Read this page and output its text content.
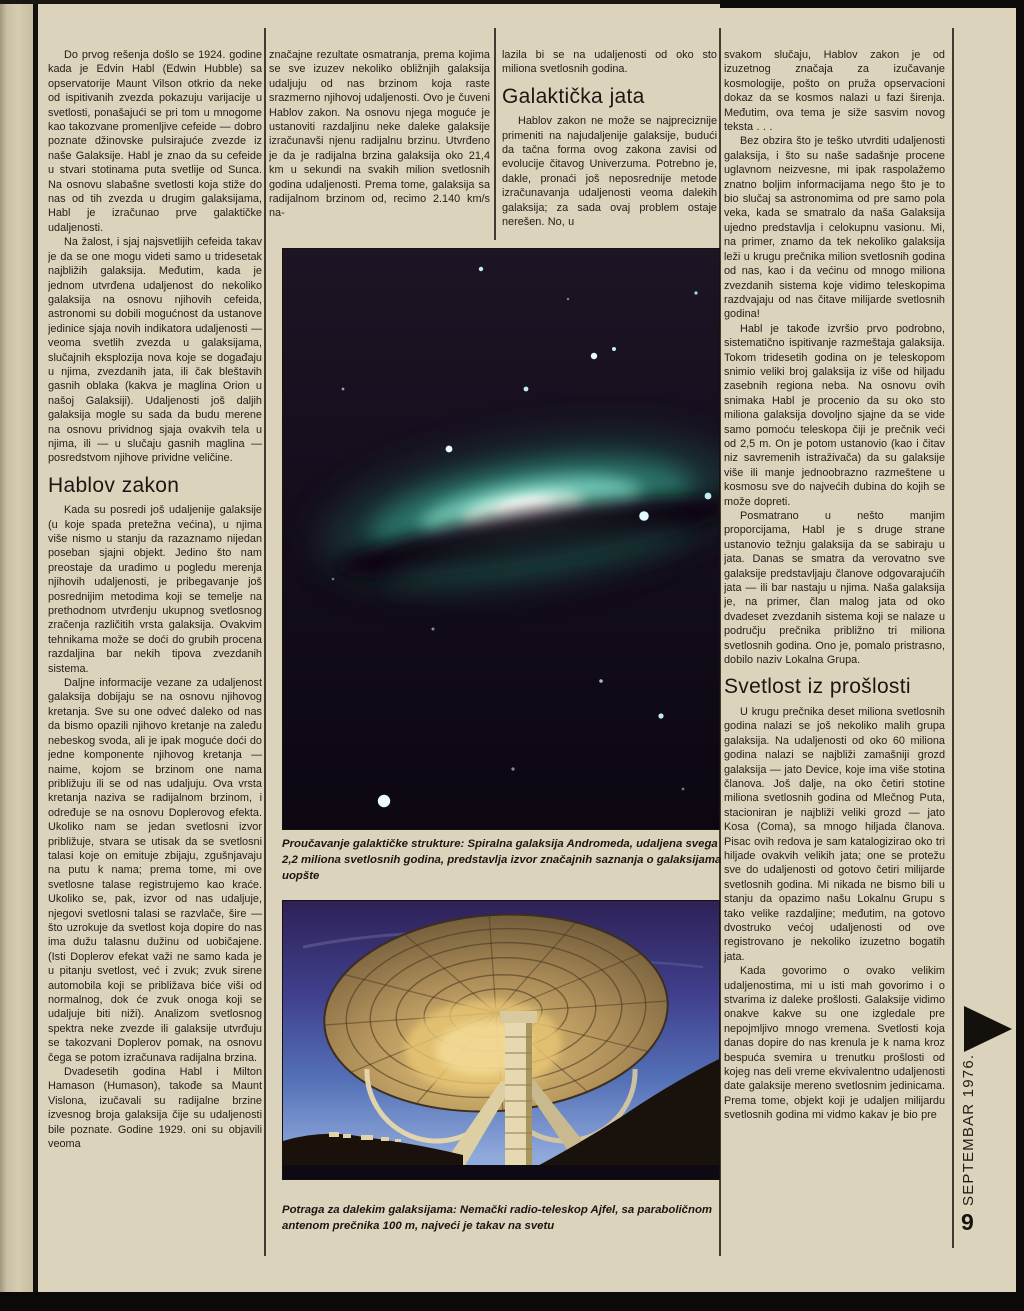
Do prvog rešenja došlo se 1924. godine kada je Edvin Habl (Edwin Hubble) sa opservatorije Maunt Vilson otkrio da neke od ispitivanih zvezda pokazuju varijacije u svetlosti, ponašajući se pri tom u mnogome kao takozvane promenljive cefeide — dobro poznate džinovske pulsirajuće zvezde iz naše Galaksije. Habl je znao da su cefeide u stvari stotinama puta svetlije od Sunca. Na osnovu slabašne svetlosti koja stiže do nas od tih zvezda u drugim galaksijama, Habl je izračunao prve galaktičke udaljenosti.

Na žalost, i sjaj najsvetlijih cefeida takav je da se one mogu videti samo u tridesetak najbližih galaksija. Međutim, kada je jednom utvrđena udaljenost do nekoliko galaksija na osnovu njihovih cefeida, astronomi su dobili mogućnost da ustanove jedinice sjaja novih indikatora udaljenosti — veoma svetlih zvezda u galaksijama, slučajnih eksplozija nova koje se događaju u njima, zvezdanih jata, ili čak bleštavih gasnih oblaka (kakva je maglina Orion u našoj Galaksiji). Udaljenosti još daljih galaksija mogle su sada da budu merene na osnovu prividnog sjaja ovakvih tela u njima, ili — u slučaju gasnih maglina — posredstvom njihove prividne veličine.

Hablov zakon

Kada su posredi još udaljenije galaksije (u koje spada pretežna većina), u njima više nismo u stanju da razaznamo nijedan poseban sjajni objekt. Jedino što nam preostaje da uradimo u pogledu merenja njihovih udaljenosti, je pribegavanje još posrednijim metodima koji se temelje na prethodnom utvrđenju ukupnog svetlosnog zračenja različitih vrsta galaksija. Ovakvim tehnikama može se doći do grubih procena razdaljina bar nekih tipova zvezdanih sistema.

Daljne informacije vezane za udaljenost galaksija dobijaju se na osnovu njihovog kretanja. Sve su one odveć daleko od nas da bismo opazili njihovo kretanje na zaleđu nebeskog svoda, ali je ipak moguće doći do jedne komponente njihovog kretanja — naime, kojom se brzinom one nama približuju ili se od nas udaljuju. Ova vrsta kretanja naziva se radijalnom brzinom, i određuje se na osnovu Doplerovog efekta. Ukoliko nam se jedan svetlosni izvor približuje, stvara se utisak da se svetlosni talasi koje on emituje zbijaju, zgušnjavaju na putu k nama; prema tome, mi ove svetlosne talase registrujemo kao kraće. Ukoliko se, pak, izvor od nas udaljuje, njegovi svetlosni talasi se razvlače, šire — što uzrokuje da svetlost koja dopire do nas ima dužu talasnu dužinu od uobičajene. (Isti Doplerov efekat važi ne samo kada je u pitanju svetlost, već i zvuk; zvuk sirene automobila koji se približava biće viši od normalnog, dok će zvuk onoga koji se udaljuje biti niži). Analizom svetlosnog spektra neke zvezde ili galaksije utvrđuju se takozvani Doplerov pomak, na osnovu čega se potom izračunava radijalna brzina.

Dvadesetih godina Habl i Milton Hamason (Humason), takođe sa Maunt Vislona, izučavali su radijalne brzine izvesnog broja galaksija čije su udaljenosti bile poznate. Godine 1929. oni su objavili veoma

značajne rezultate osmatranja, prema kojima se sve izuzev nekoliko obližnjih galaksija udaljuju od nas brzinom koja raste srazmerno njihovoj udaljenosti. Ovo je čuveni Hablov zakon. Na osnovu njega moguće je ustanoviti razdaljinu neke daleke galaksije izračunavši njenu radijalnu brzinu. Utvrđeno je da je radijalna brzina galaksija oko 21,4 km u sekundi na svakih milion svetlosnih godina udaljenosti. Prema tome, galaksija sa radijalnom brzinom od, recimo 2.140 km/s na-

lazila bi se na udaljenosti od oko sto miliona svetlosnih godina.

Galaktička jata

Hablov zakon ne može se najpreciznije primeniti na najudaljenije galaksije, budući da tačna forma ovog zakona zavisi od evolucije čitavog Univerzuma. Potrebno je, dakle, pronaći još neposrednije metode izračunavanja udaljenosti veoma dalekih galaksija; za sada ovaj problem ostaje nerešen. No, u

svakom slučaju, Hablov zakon je od izuzetnog značaja za izučavanje kosmologije, pošto on pruža opservacioni dokaz da se kosmos nalazi u fazi širenja. Međutim, ova tema je siže sasvim novog teksta . . .

Bez obzira što je teško utvrditi udaljenosti galaksija, i što su naše sadašnje procene uglavnom neizvesne, mi ipak raspolažemo znatno boljim informacijama nego što je to bio slučaj sa astronomima od pre samo pola veka, kada se smatralo da naša Galaksija ujedno predstavlja i celokupnu vasionu. Mi, na primer, znamo da tek nekoliko galaksija leži u krugu prečnika milion svetlosnih godina od nas, kao i da većinu od mnogo miliona zvezdanih sistema koje vidimo teleskopima razdvajaju od nas čitave milijarde svetlosnih godina!

Habl je takođe izvršio prvo podrobno, sistematično ispitivanje razmeštaja galaksija. Tokom tridesetih godina on je teleskopom snimio veliki broj galaksija iz više od hiljadu zasebnih regiona neba. Na osnovu ovih snimaka Habl je procenio da su oko sto miliona galaksija dovoljno sjajne da se vide samo pomoću teleskopa čiji je prečnik veći od 2,5 m. On je potom ustanovio (kao i čitav niz savremenih istraživača) da su galaksije više ili manje jednoobrazno razmeštene u kosmosu sve do najvećih dubina do kojih se može dopreti.

Posmatrano u nešto manjim proporcijama, Habl je s druge strane ustanovio težnju galaksija da se sabiraju u jata. Danas se smatra da verovatno sve galaksije predstavljaju članove odgovarajućih jata — ili bar nastaju u njima. Naša galaksija je, na primer, član malog jata od oko dvadeset zvezdanih sistema koji se nalaze u području prečnika približno tri miliona svetlosnih godina. Ono je, pomalo pristrasno, dobilo naziv Lokalna Grupa.

Svetlost iz prošlosti

U krugu prečnika deset miliona svetlosnih godina nalazi se još nekoliko malih grupa galaksija. Na udaljenosti od oko 60 miliona godina nalazi se najbliži zamašniji grozd galaksija — jato Device, koje ima više stotina članova. Još dalje, na oko četiri stotine miliona svetlosnih godina od Mlečnog Puta, stacioniran je najbliži veliki grozd — jato Kosa (Coma), sa mnogo hiljada članova. Pisac ovih redova je sam katalogizirao oko tri hiljade ovakvih velikih jata; one se protežu sve do udaljenosti od gotovo četiri milijarde svetlosnih godina. Mi nikada ne bismo bili u stanju da opazimo našu Lokalnu Grupu s tako velike razdaljine; međutim, na gotovo dvostruko većoj udaljenosti od ove registrovano je nekoliko izuzetno bogatih jata.

Kada govorimo o ovako velikim udaljenostima, mi u isti mah govorimo i o stvarima iz daleke prošlosti. Galaksije vidimo onakve kakve su one izgledale pre nepojmljivo mnogo vremena. Svetlosti koja danas dopire do nas krenula je k nama kroz bespuća svemira u trenutku prošlosti od kojeg nas deli vreme ekvivalentno udaljenosti date galaksije mereno svetlosnim jedinicama. Prema tome, objekt koji je udaljen milijardu svetlosnih godina mi vidmo kakav je bio pre

Proučavanje galaktičke strukture: Spiralna galaksija Andromeda, udaljena svega 2,2 miliona svetlosnih godina, predstavlja izvor značajnih saznanja o galaksijama uopšte
Potraga za dalekim galaksijama: Nemački radio-teleskop Ajfel, sa paraboličnom antenom prečnika 100 m, najveći je takav na svetu
SEPTEMBAR 1976.
9
